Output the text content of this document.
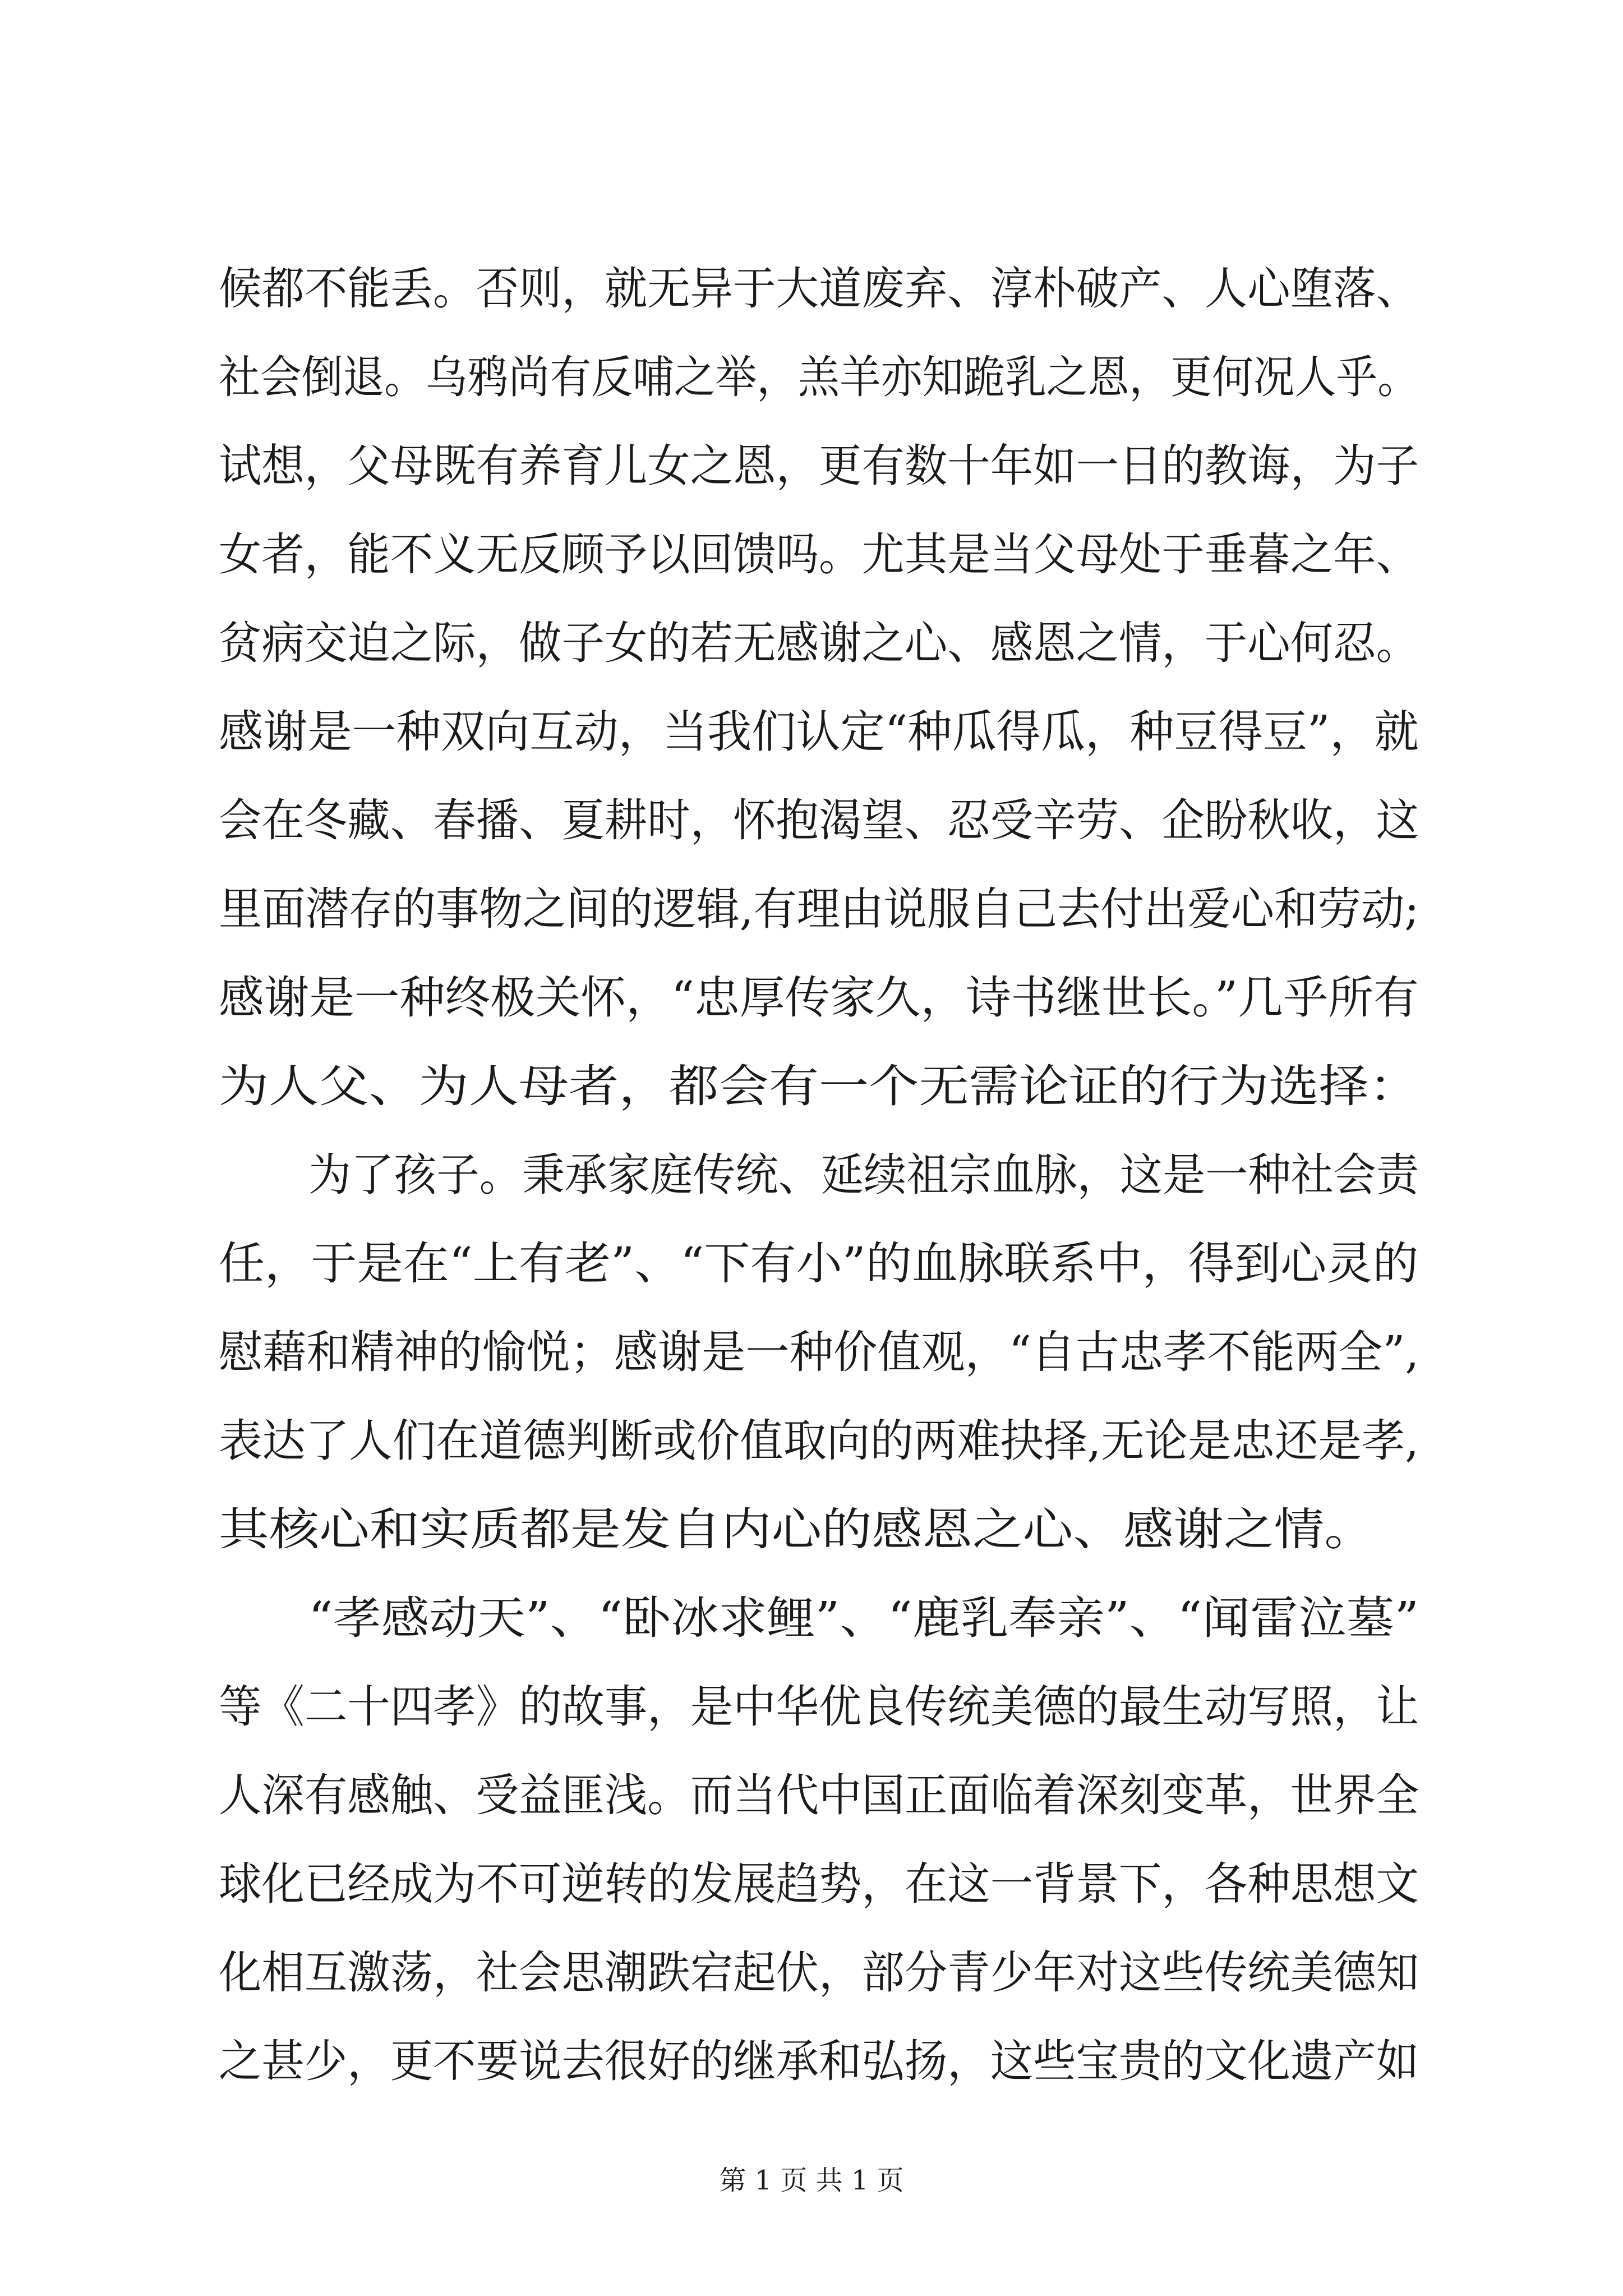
候都不能丢。否则，就无异于大道废弃、淳朴破产、人心堕落、
社会倒退。乌鸦尚有反哺之举，羔羊亦知跪乳之恩，更何况人乎。
试想，父母既有养育儿女之恩，更有数十年如一日的教诲，为子
女者，能不义无反顾予以回馈吗。尤其是当父母处于垂暮之年、
贫病交迫之际，做子女的若无感谢之心、感恩之情，于心何忍。
感谢是一种双向互动，当我们认定“种瓜得瓜，种豆得豆”，就
会在冬藏、春播、夏耕时，怀抱渴望、忍受辛劳、企盼秋收，这
里面潜存的事物之间的逻辑,有理由说服自己去付出爱心和劳动;
感谢是一种终极关怀，“忠厚传家久，诗书继世长。”几乎所有
为人父、为人母者，都会有一个无需论证的行为选择：
为了孩子。秉承家庭传统、延续祖宗血脉，这是一种社会责
任，于是在“上有老”、“下有小”的血脉联系中，得到心灵的
慰藉和精神的愉悦；感谢是一种价值观，“自古忠孝不能两全”,
表达了人们在道德判断或价值取向的两难抉择,无论是忠还是孝,
其核心和实质都是发自内心的感恩之心、感谢之情。
“孝感动天”、“卧冰求鲤”、“鹿乳奉亲”、“闻雷泣墓”
等《二十四孝》的故事，是中华优良传统美德的最生动写照，让
人深有感触、受益匪浅。而当代中国正面临着深刻变革，世界全
球化已经成为不可逆转的发展趋势，在这一背景下，各种思想文
化相互激荡，社会思潮跌宕起伏，部分青少年对这些传统美德知
之甚少，更不要说去很好的继承和弘扬，这些宝贵的文化遗产如
第 1 页 共 1 页
